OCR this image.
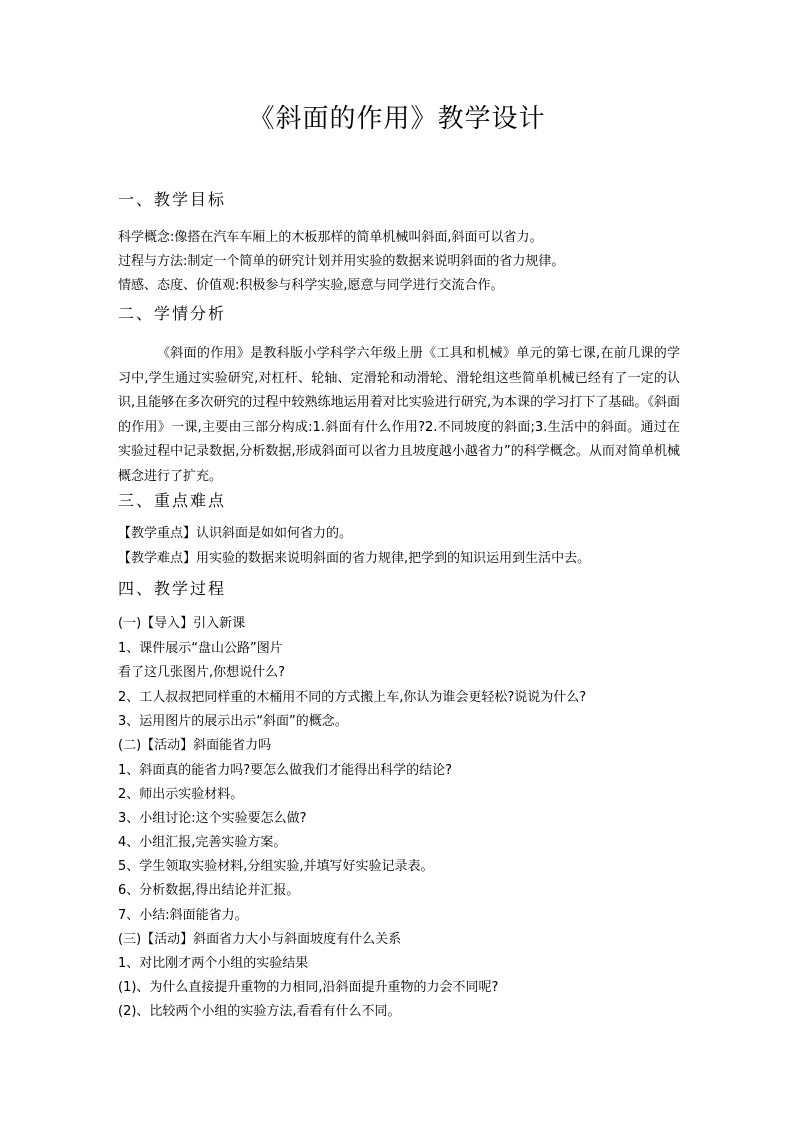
《斜面的作用》教学设计
一、教学目标
科学概念:像搭在汽车车厢上的木板那样的简单机械叫斜面,斜面可以省力。
过程与方法:制定一个简单的研究计划并用实验的数据来说明斜面的省力规律。
情感、态度、价值观:积极参与科学实验,愿意与同学进行交流合作。
二、学情分析
《斜面的作用》是教科版小学科学六年级上册《工具和机械》单元的第七课,在前几课的学习中,学生通过实验研究,对杠杆、轮轴、定滑轮和动滑轮、滑轮组这些简单机械已经有了一定的认识,且能够在多次研究的过程中较熟练地运用着对比实验进行研究,为本课的学习打下了基础。《斜面的作用》一课,主要由三部分构成:1.斜面有什么作用?2.不同坡度的斜面;3.生活中的斜面。通过在实验过程中记录数据,分析数据,形成斜面可以省力且坡度越小越省力”的科学概念。从而对简单机械概念进行了扩充。
三、重点难点
【教学重点】认识斜面是如如何省力的。
【教学难点】用实验的数据来说明斜面的省力规律,把学到的知识运用到生活中去。
四、教学过程
(一)【导入】引入新课
1、课件展示“盘山公路”图片
看了这几张图片,你想说什么?
2、工人叔叔把同样重的木桶用不同的方式搬上车,你认为谁会更轻松?说说为什么?
3、运用图片的展示出示“斜面”的概念。
(二)【活动】斜面能省力吗
1、斜面真的能省力吗?要怎么做我们才能得出科学的结论?
2、师出示实验材料。
3、小组讨论:这个实验要怎么做?
4、小组汇报,完善实验方案。
5、学生领取实验材料,分组实验,并填写好实验记录表。
6、分析数据,得出结论并汇报。
7、小结:斜面能省力。
(三)【活动】斜面省力大小与斜面坡度有什么关系
1、对比刚才两个小组的实验结果
(1)、为什么直接提升重物的力相同,沿斜面提升重物的力会不同呢?
(2)、比较两个小组的实验方法,看看有什么不同。
